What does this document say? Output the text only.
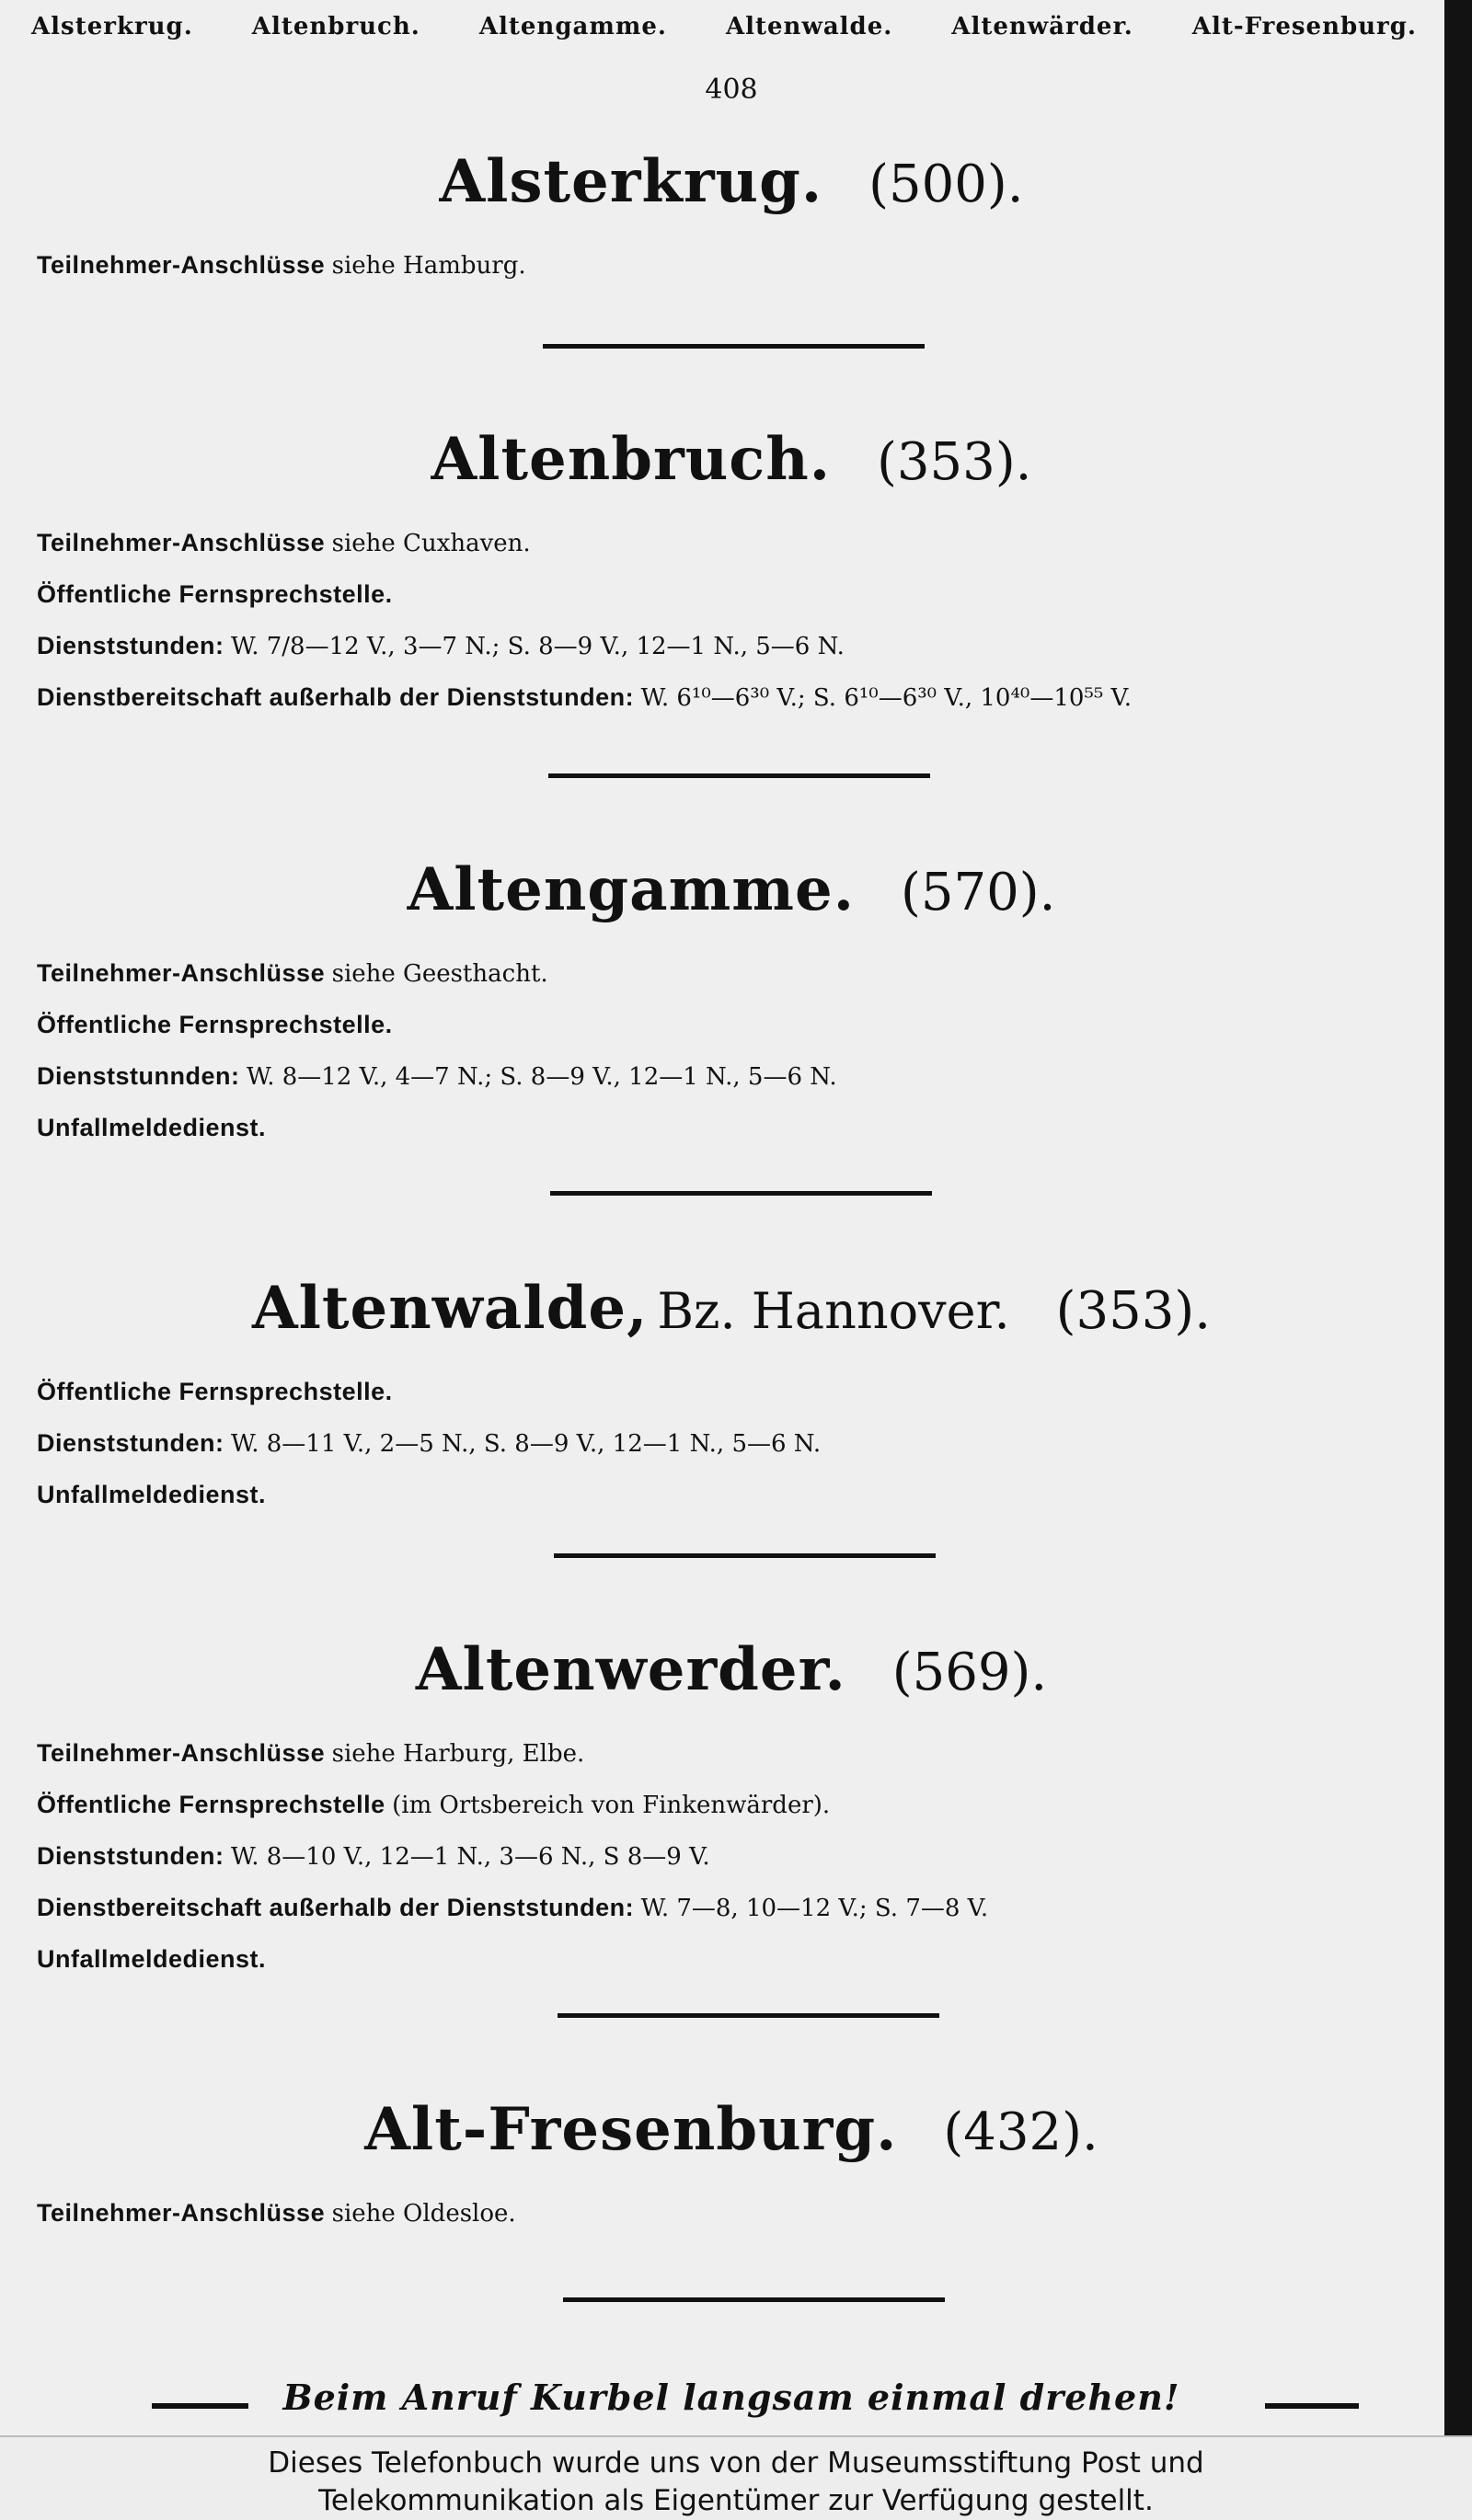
Alsterkrug. Altenbruch. Altengamme. Altenwalde. Altenwärder. Alt-Fresenburg.
408
Alsterkrug. (500).
Teilnehmer-Anschlüsse siehe Hamburg.
Altenbruch. (353).
Teilnehmer-Anschlüsse siehe Cuxhaven.
Öffentliche Fernsprechstelle.
Dienststunden: W. 7/8—12 V., 3—7 N.; S. 8—9 V., 12—1 N., 5—6 N.
Dienstbereitschaft außerhalb der Dienststunden: W. 6¹⁰—6³⁰ V.; S. 6¹⁰—6³⁰ V., 10⁴⁰—10⁵⁵ V.
Altengamme. (570).
Teilnehmer-Anschlüsse siehe Geesthacht.
Öffentliche Fernsprechstelle.
Dienststunnden: W. 8—12 V., 4—7 N.; S. 8—9 V., 12—1 N., 5—6 N.
Unfallmeldedienst.
Altenwalde, Bz. Hannover. (353).
Öffentliche Fernsprechstelle.
Dienststunden: W. 8—11 V., 2—5 N., S. 8—9 V., 12—1 N., 5—6 N.
Unfallmeldedienst.
Altenwerder. (569).
Teilnehmer-Anschlüsse siehe Harburg, Elbe.
Öffentliche Fernsprechstelle (im Ortsbereich von Finkenwärder).
Dienststunden: W. 8—10 V., 12—1 N., 3—6 N., S 8—9 V.
Dienstbereitschaft außerhalb der Dienststunden: W. 7—8, 10—12 V.; S. 7—8 V.
Unfallmeldedienst.
Alt-Fresenburg. (432).
Teilnehmer-Anschlüsse siehe Oldesloe.
Beim Anruf Kurbel langsam einmal drehen!
Dieses Telefonbuch wurde uns von der Museumsstiftung Post und
Telekommunikation als Eigentümer zur Verfügung gestellt.
